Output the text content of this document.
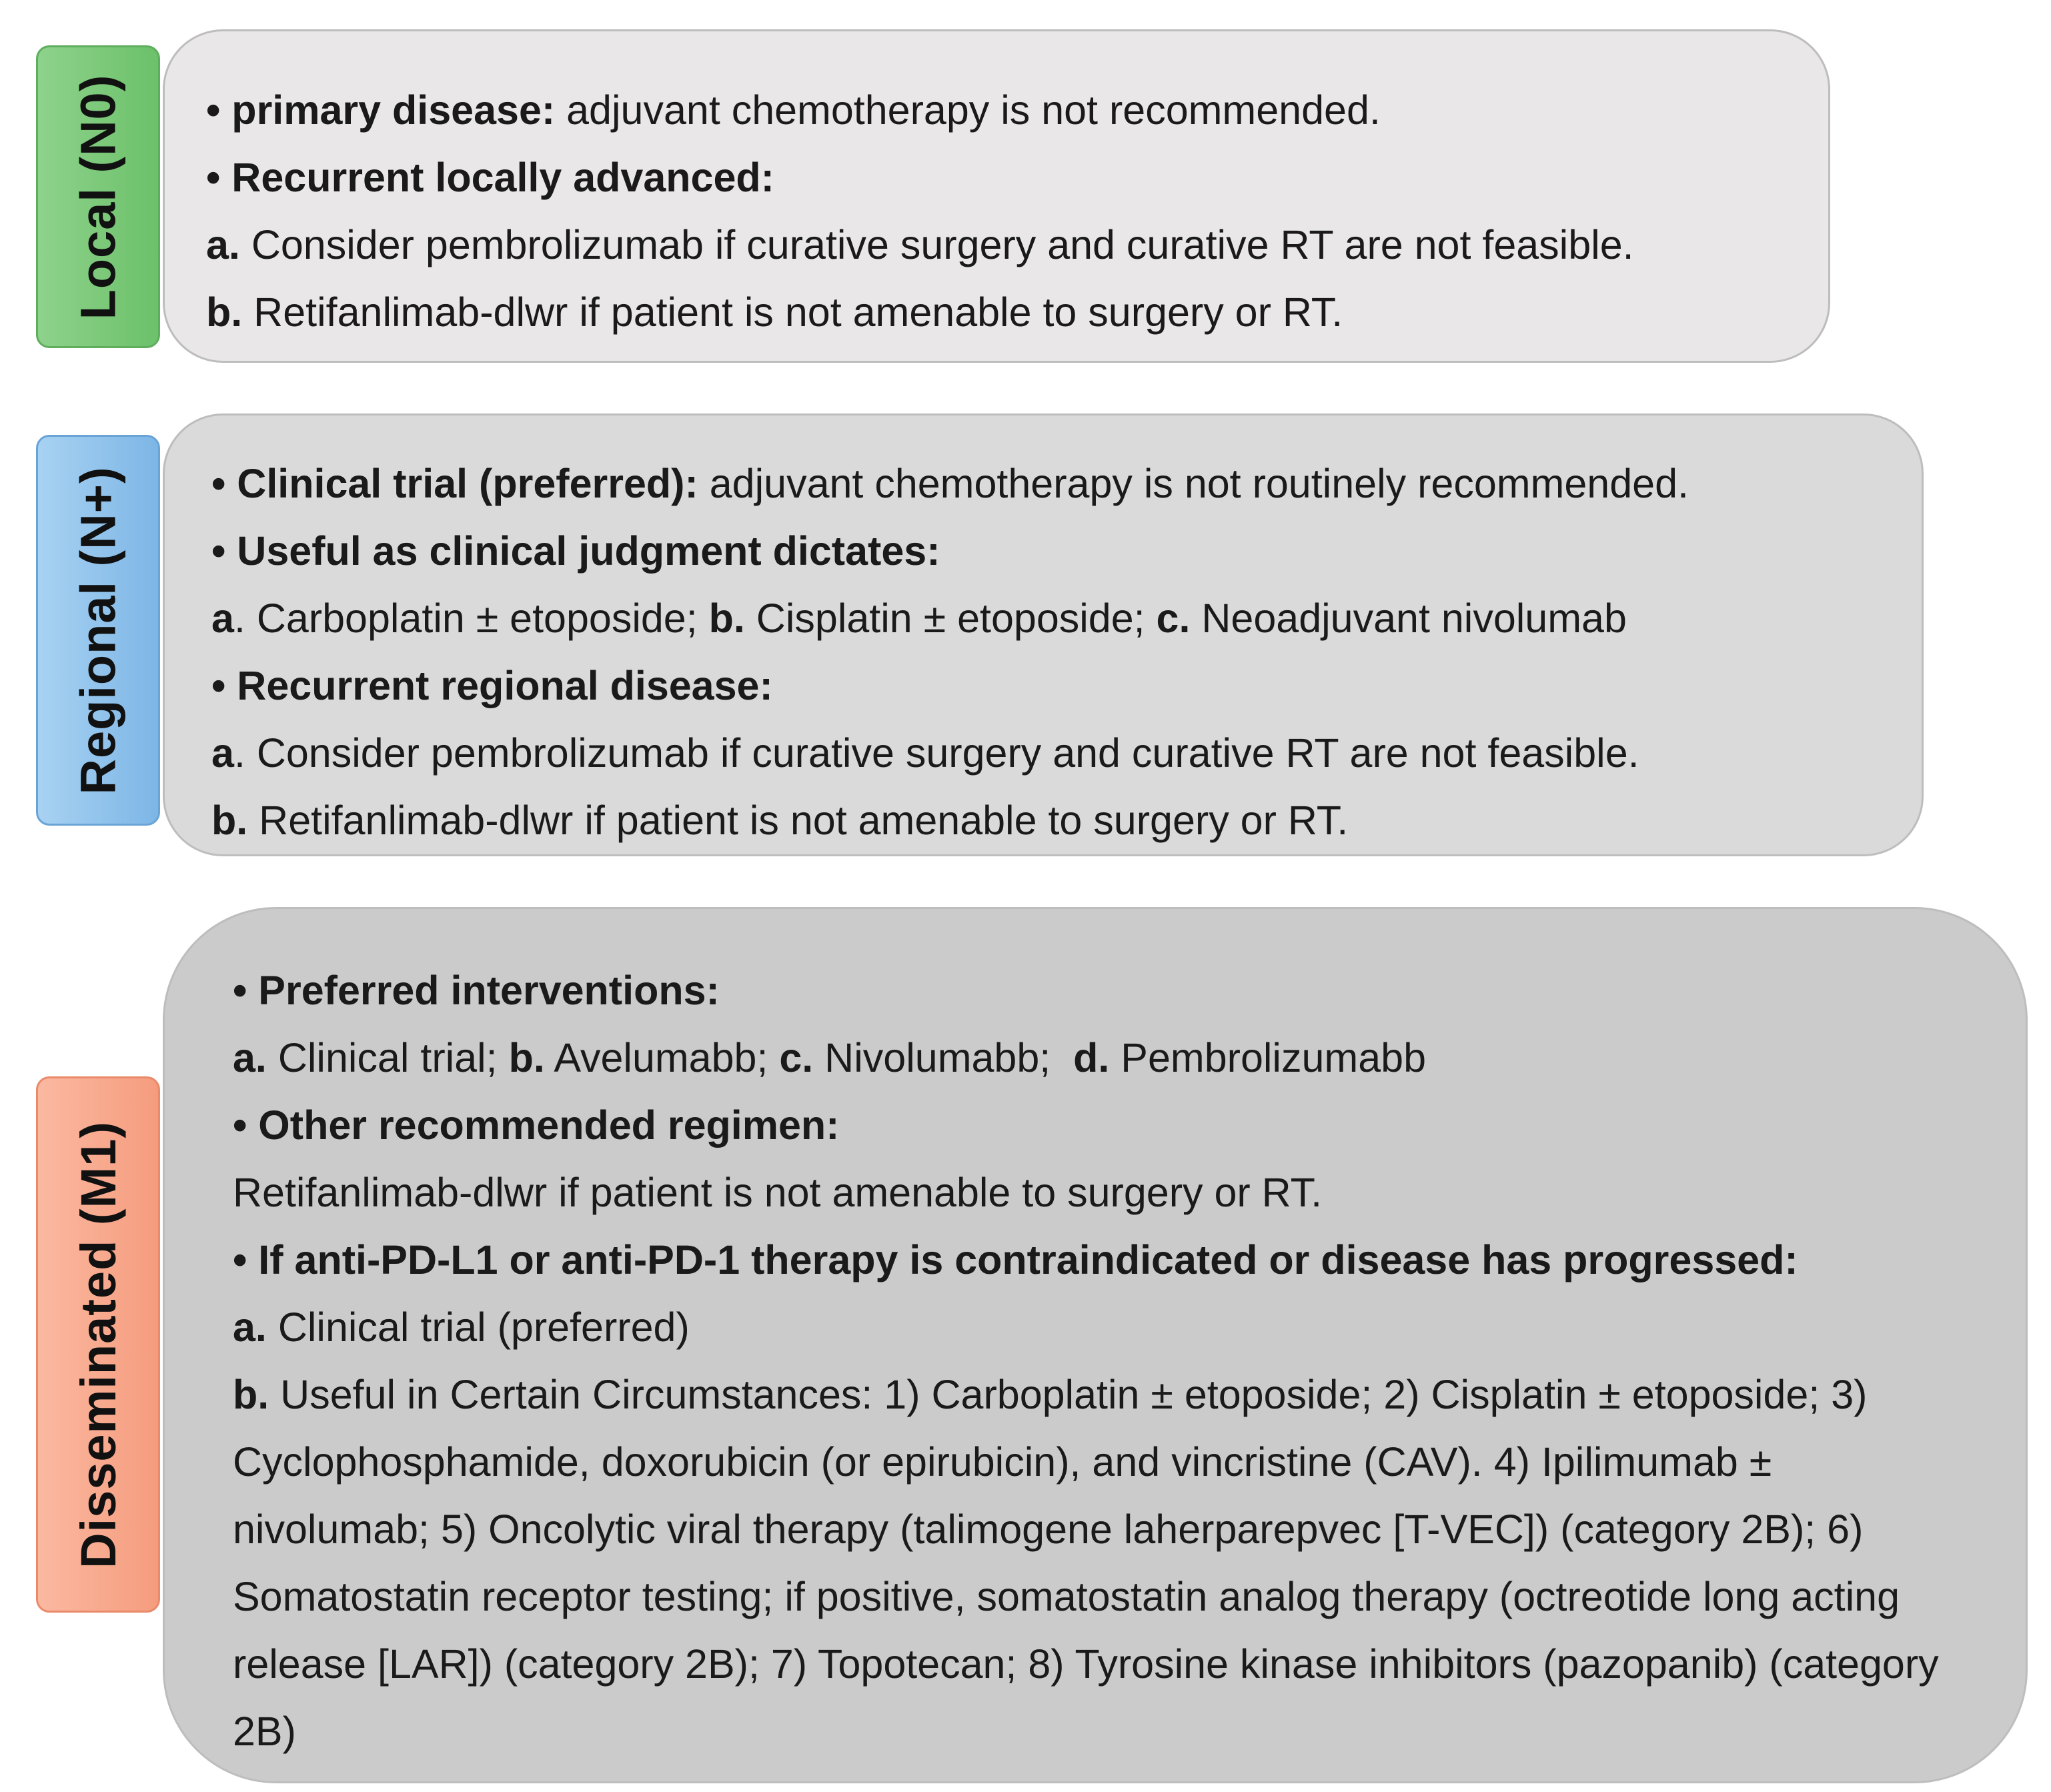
Local (N0) • primary disease: adjuvant chemotherapy is not recommended.
• Recurrent locally advanced:
a. Consider pembrolizumab if curative surgery and curative RT are not feasible.
b. Retifanlimab-dlwr if patient is not amenable to surgery or RT.
Regional (N+) • Clinical trial (preferred): adjuvant chemotherapy is not routinely recommended.
• Useful as clinical judgment dictates:
a. Carboplatin ± etoposide; b. Cisplatin ± etoposide; c. Neoadjuvant nivolumab
• Recurrent regional disease:
a. Consider pembrolizumab if curative surgery and curative RT are not feasible.
b. Retifanlimab-dlwr if patient is not amenable to surgery or RT.
Disseminated (M1)
• Preferred interventions:
a. Clinical trial; b. Avelumabb; c. Nivolumabb;  d. Pembrolizumabb
• Other recommended regimen:
Retifanlimab-dlwr if patient is not amenable to surgery or RT.
• If anti-PD-L1 or anti-PD-1 therapy is contraindicated or disease has progressed:
a. Clinical trial (preferred)
b. Useful in Certain Circumstances: 1) Carboplatin ± etoposide; 2) Cisplatin ± etoposide; 3) Cyclophosphamide, doxorubicin (or epirubicin), and vincristine (CAV). 4) Ipilimumab ± nivolumab; 5) Oncolytic viral therapy (talimogene laherparepvec [T-VEC]) (category 2B); 6) Somatostatin receptor testing; if positive, somatostatin analog therapy (octreotide long acting release [LAR]) (category 2B); 7) Topotecan; 8) Tyrosine kinase inhibitors (pazopanib) (category 2B)
